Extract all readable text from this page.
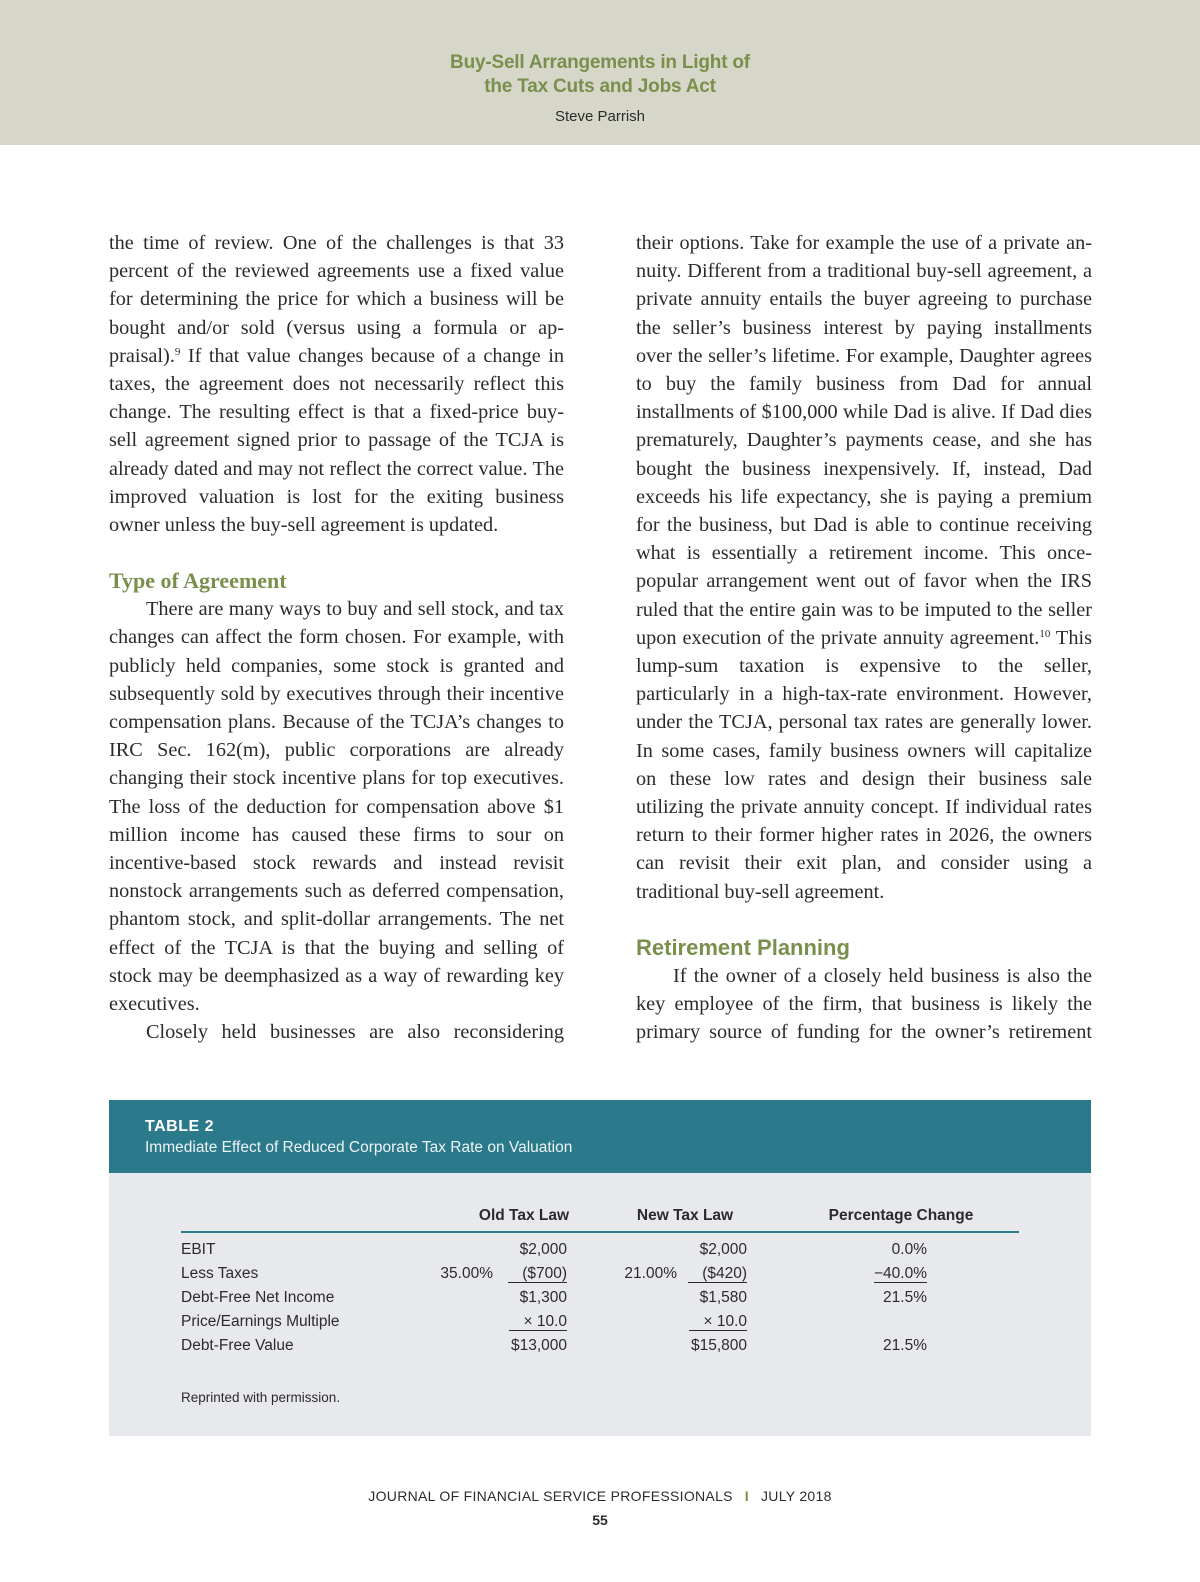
Buy-Sell Arrangements in Light of
the Tax Cuts and Jobs Act
Steve Parrish

the time of review. One of the challenges is that 33 percent of the reviewed agreements use a fixed value for determining the price for which a business will be bought and/or sold (versus using a formula or appraisal).$^9$ If that value changes because of a change in taxes, the agreement does not necessarily reflect this change. The resulting effect is that a fixed-price buy-sell agreement signed prior to passage of the TCJA is already dated and may not reflect the correct value. The improved valuation is lost for the exiting business owner unless the buy-sell agreement is updated.

Type of Agreement

There are many ways to buy and sell stock, and tax changes can affect the form chosen. For example, with publicly held companies, some stock is granted and subsequently sold by executives through their incentive compensation plans. Because of the TCJA’s changes to IRC Sec. 162(m), public corporations are already changing their stock incentive plans for top executives. The loss of the deduction for compensation above $1 million income has caused these firms to sour on incentive-based stock rewards and instead revisit nonstock arrangements such as deferred compensation, phantom stock, and split-dollar arrangements. The net effect of the TCJA is that the buying and selling of stock may be deemphasized as a way of rewarding key executives.

Closely held businesses are also reconsidering

their options. Take for example the use of a private annuity. Different from a traditional buy-sell agreement, a private annuity entails the buyer agreeing to purchase the seller’s business interest by paying installments over the seller’s lifetime. For example, Daughter agrees to buy the family business from Dad for annual installments of $100,000 while Dad is alive. If Dad dies prematurely, Daughter’s payments cease, and she has bought the business inexpensively. If, instead, Dad exceeds his life expectancy, she is paying a premium for the business, but Dad is able to continue receiving what is essentially a retirement income. This once-popular arrangement went out of favor when the IRS ruled that the entire gain was to be imputed to the seller upon execution of the private annuity agreement.$^{10}$ This lump-sum taxation is expensive to the seller, particularly in a high-tax-rate environment. However, under the TCJA, personal tax rates are generally lower. In some cases, family business owners will capitalize on these low rates and design their business sale utilizing the private annuity concept. If individual rates return to their former higher rates in 2026, the owners can revisit their exit plan, and consider using a traditional buy-sell agreement.

Retirement Planning

If the owner of a closely held business is also the key employee of the firm, that business is likely the primary source of funding for the owner’s retirement

TABLE 2
Immediate Effect of Reduced Corporate Tax Rate on Valuation
Old Tax Law	New Tax Law	Percentage Change
EBIT	$2,000	$2,000	0.0%
Less Taxes	35.00%	($700)	21.00%	($420)	−40.0%
Debt-Free Net Income	$1,300	$1,580	21.5%
Price/Earnings Multiple	× 10.0	× 10.0
Debt-Free Value	$13,000	$15,800	21.5%
Reprinted with permission.
JOURNAL OF FINANCIAL SERVICE PROFESSIONALS I JULY 2018
55
